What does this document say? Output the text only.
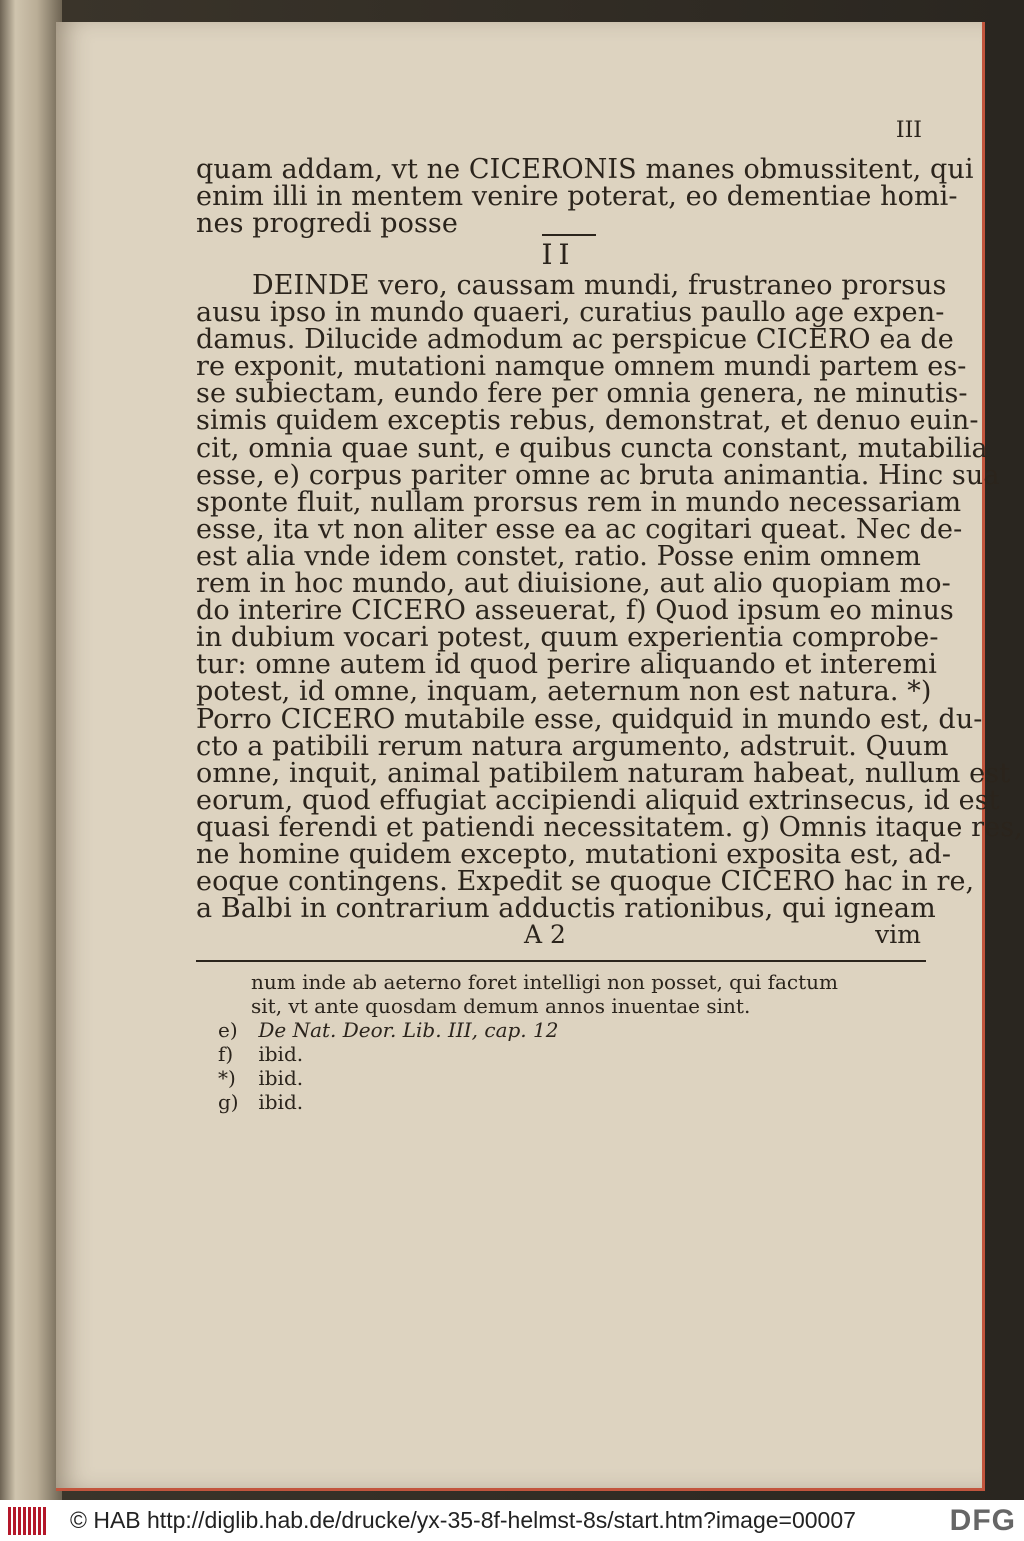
III
quam addam, vt ne CICERONIS manes obmussitent, qui
enim illi in mentem venire poterat, eo dementiae homi-
nes progredi posse
II
DEINDE vero, caussam mundi, frustraneo prorsus
ausu ipso in mundo quaeri, curatius paullo age expen-
damus. Dilucide admodum ac perspicue CICERO ea de
re exponit, mutationi namque omnem mundi partem es-
se subiectam, eundo fere per omnia genera, ne minutis-
simis quidem exceptis rebus, demonstrat, et denuo euin-
cit, omnia quae sunt, e quibus cuncta constant, mutabilia
esse, e) corpus pariter omne ac bruta animantia. Hinc sua
sponte fluit, nullam prorsus rem in mundo necessariam
esse, ita vt non aliter esse ea ac cogitari queat. Nec de-
est alia vnde idem constet, ratio. Posse enim omnem
rem in hoc mundo, aut diuisione, aut alio quopiam mo-
do interire CICERO asseuerat, f) Quod ipsum eo minus
in dubium vocari potest, quum experientia comprobe-
tur: omne autem id quod perire aliquando et interemi
potest, id omne, inquam, aeternum non est natura. *)
Porro CICERO mutabile esse, quidquid in mundo est, du-
cto a patibili rerum natura argumento, adstruit. Quum
omne, inquit, animal patibilem naturam habeat, nullum est
eorum, quod effugiat accipiendi aliquid extrinsecus, id est
quasi ferendi et patiendi necessitatem. g) Omnis itaque res,
ne homine quidem excepto, mutationi exposita est, ad-
eoque contingens. Expedit se quoque CICERO hac in re,
a Balbi in contrarium adductis rationibus, qui igneam
A 2	vim
num inde ab aeterno foret intelligi non posset, qui factum
sit, vt ante quosdam demum annos inuentae sint.
e) De Nat. Deor. Lib. III, cap. 12
f) ibid.
*) ibid.
g) ibid.
© HAB http://diglib.hab.de/drucke/yx-35-8f-helmst-8s/start.htm?image=00007	DFG
